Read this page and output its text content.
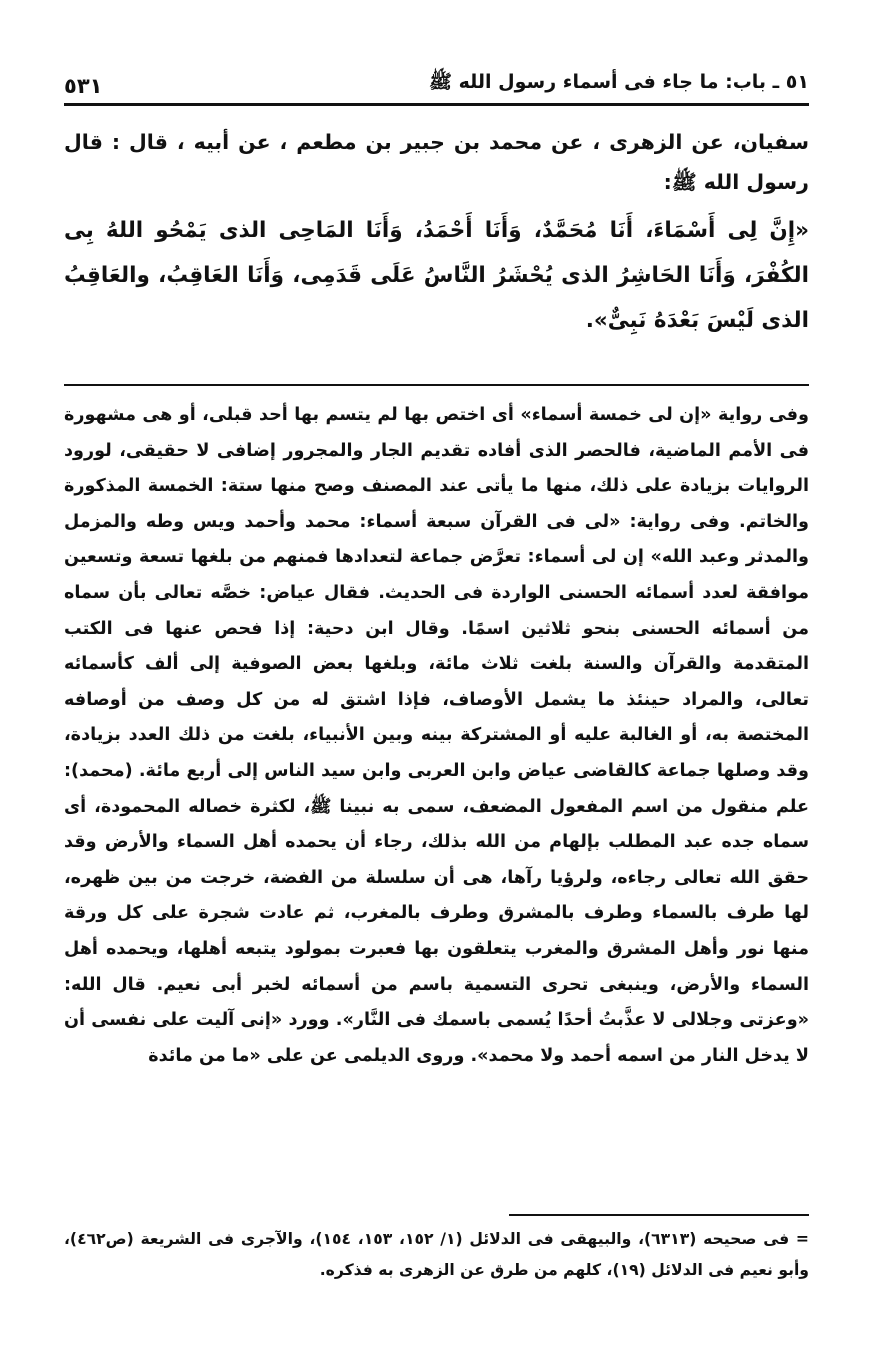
٥١ ـ باب: ما جاء فى أسماء رسول الله ﷺ
٥٣١

سفيان، عن الزهرى ، عن محمد بن جبير بن مطعم ، عن أبيه ، قال : قال رسول الله ﷺ:

«إِنَّ لِى أَسْمَاءَ، أَنَا مُحَمَّدٌ، وَأَنَا أَحْمَدُ، وَأَنَا المَاحِى الذى يَمْحُو اللهُ بِى الكُفْرَ، وَأَنَا الحَاشِرُ الذى يُحْشَرُ النَّاسُ عَلَى قَدَمِى، وَأَنَا العَاقِبُ، والعَاقِبُ الذى لَيْسَ بَعْدَهُ نَبِىٌّ».

وفى رواية «إن لى خمسة أسماء» أى اختص بها لم يتسم بها أحد قبلى، أو هى مشهورة فى الأمم الماضية، فالحصر الذى أفاده تقديم الجار والمجرور إضافى لا حقيقى، لورود الروايات بزيادة على ذلك، منها ما يأتى عند المصنف وصح منها ستة: الخمسة المذكورة والخاتم. وفى رواية: «لى فى القرآن سبعة أسماء: محمد وأحمد ويس وطه والمزمل والمدثر وعبد الله» إن لى أسماء: تعرَّض جماعة لتعدادها فمنهم من بلغها تسعة وتسعين موافقة لعدد أسمائه الحسنى الواردة فى الحديث. فقال عياض: خصَّه تعالى بأن سماه من أسمائه الحسنى بنحو ثلاثين اسمًا. وقال ابن دحية: إذا فحص عنها فى الكتب المتقدمة والقرآن والسنة بلغت ثلاث مائة، وبلغها بعض الصوفية إلى ألف كأسمائه تعالى، والمراد حينئذ ما يشمل الأوصاف، فإذا اشتق له من كل وصف من أوصافه المختصة به، أو الغالبة عليه أو المشتركة بينه وبين الأنبياء، بلغت من ذلك العدد بزيادة، وقد وصلها جماعة كالقاضى عياض وابن العربى وابن سيد الناس إلى أربع مائة. (محمد): علم منقول من اسم المفعول المضعف، سمى به نبينا ﷺ، لكثرة خصاله المحمودة، أى سماه جده عبد المطلب بإلهام من الله بذلك، رجاء أن يحمده أهل السماء والأرض وقد حقق الله تعالى رجاءه، ولرؤيا رآها، هى أن سلسلة من الفضة، خرجت من بين ظهره، لها طرف بالسماء وطرف بالمشرق وطرف بالمغرب، ثم عادت شجرة على كل ورقة منها نور وأهل المشرق والمغرب يتعلقون بها فعبرت بمولود يتبعه أهلها، ويحمده أهل السماء والأرض، وينبغى تحرى التسمية باسم من أسمائه لخبر أبى نعيم. قال الله: «وعزتى وجلالى لا عذَّبتُ أحدًا يُسمى باسمك فى النَّار». وورد «إنى آليت على نفسى أن لا يدخل النار من اسمه أحمد ولا محمد». وروى الديلمى عن على «ما من مائدة

= فى صحيحه (٦٣١٣)، والبيهقى فى الدلائل (١/ ١٥٢، ١٥٣، ١٥٤)، والآجرى فى الشريعة (ص٤٦٢)، وأبو نعيم فى الدلائل (١٩)، كلهم من طرق عن الزهرى به فذكره.
